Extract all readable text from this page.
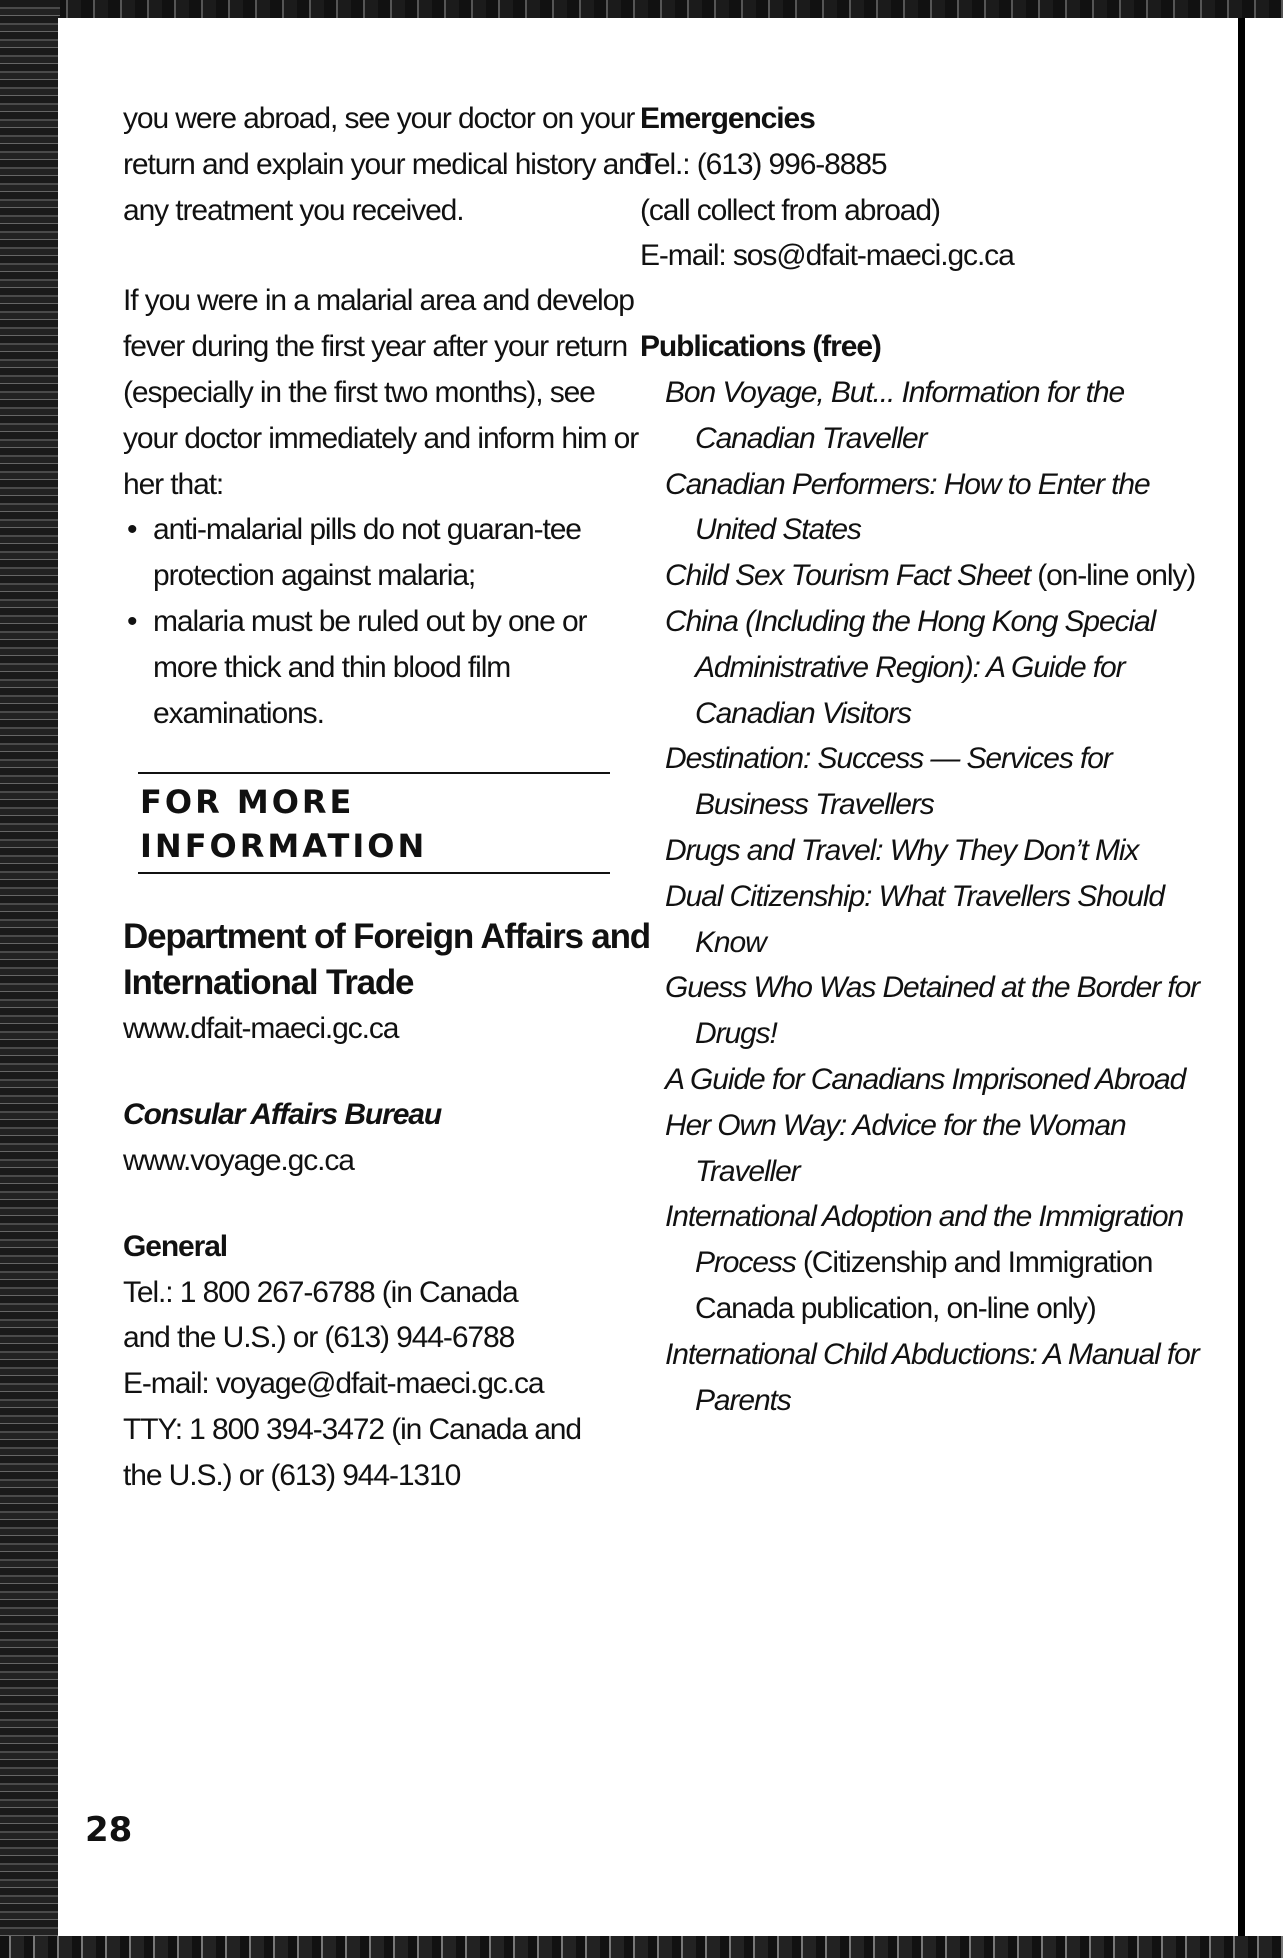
you were abroad, see your doctor on your return and explain your medical history and any treatment you received.

If you were in a malarial area and develop fever during the first year after your return (especially in the first two months), see your doctor immediately and inform him or her that:

• anti-malarial pills do not guaran-tee protection against malaria;
• malaria must be ruled out by one or more thick and thin blood film examinations.
FOR MORE INFORMATION
Department of Foreign Affairs and International Trade

www.dfait-maeci.gc.ca

Consular Affairs Bureau

www.voyage.gc.ca

General

Tel.: 1 800 267-6788 (in Canada

and the U.S.) or (613) 944-6788

E-mail: voyage@dfait-maeci.gc.ca

TTY: 1 800 394-3472 (in Canada and

the U.S.) or (613) 944-1310

Emergencies

Tel.: (613) 996-8885

(call collect from abroad)

E-mail: sos@dfait-maeci.gc.ca

Publications (free)

Bon Voyage, But... Information for the Canadian Traveller
Canadian Performers: How to Enter the United States
Child Sex Tourism Fact Sheet (on-line only)
China (Including the Hong Kong Special Administrative Region): A Guide for Canadian Visitors
Destination: Success — Services for Business Travellers
Drugs and Travel: Why They Don’t Mix
Dual Citizenship: What Travellers Should Know
Guess Who Was Detained at the Border for Drugs!
A Guide for Canadians Imprisoned Abroad
Her Own Way: Advice for the Woman Traveller
International Adoption and the Immigration Process (Citizenship and Immigration Canada publication, on-line only)
International Child Abductions: A Manual for Parents
28
